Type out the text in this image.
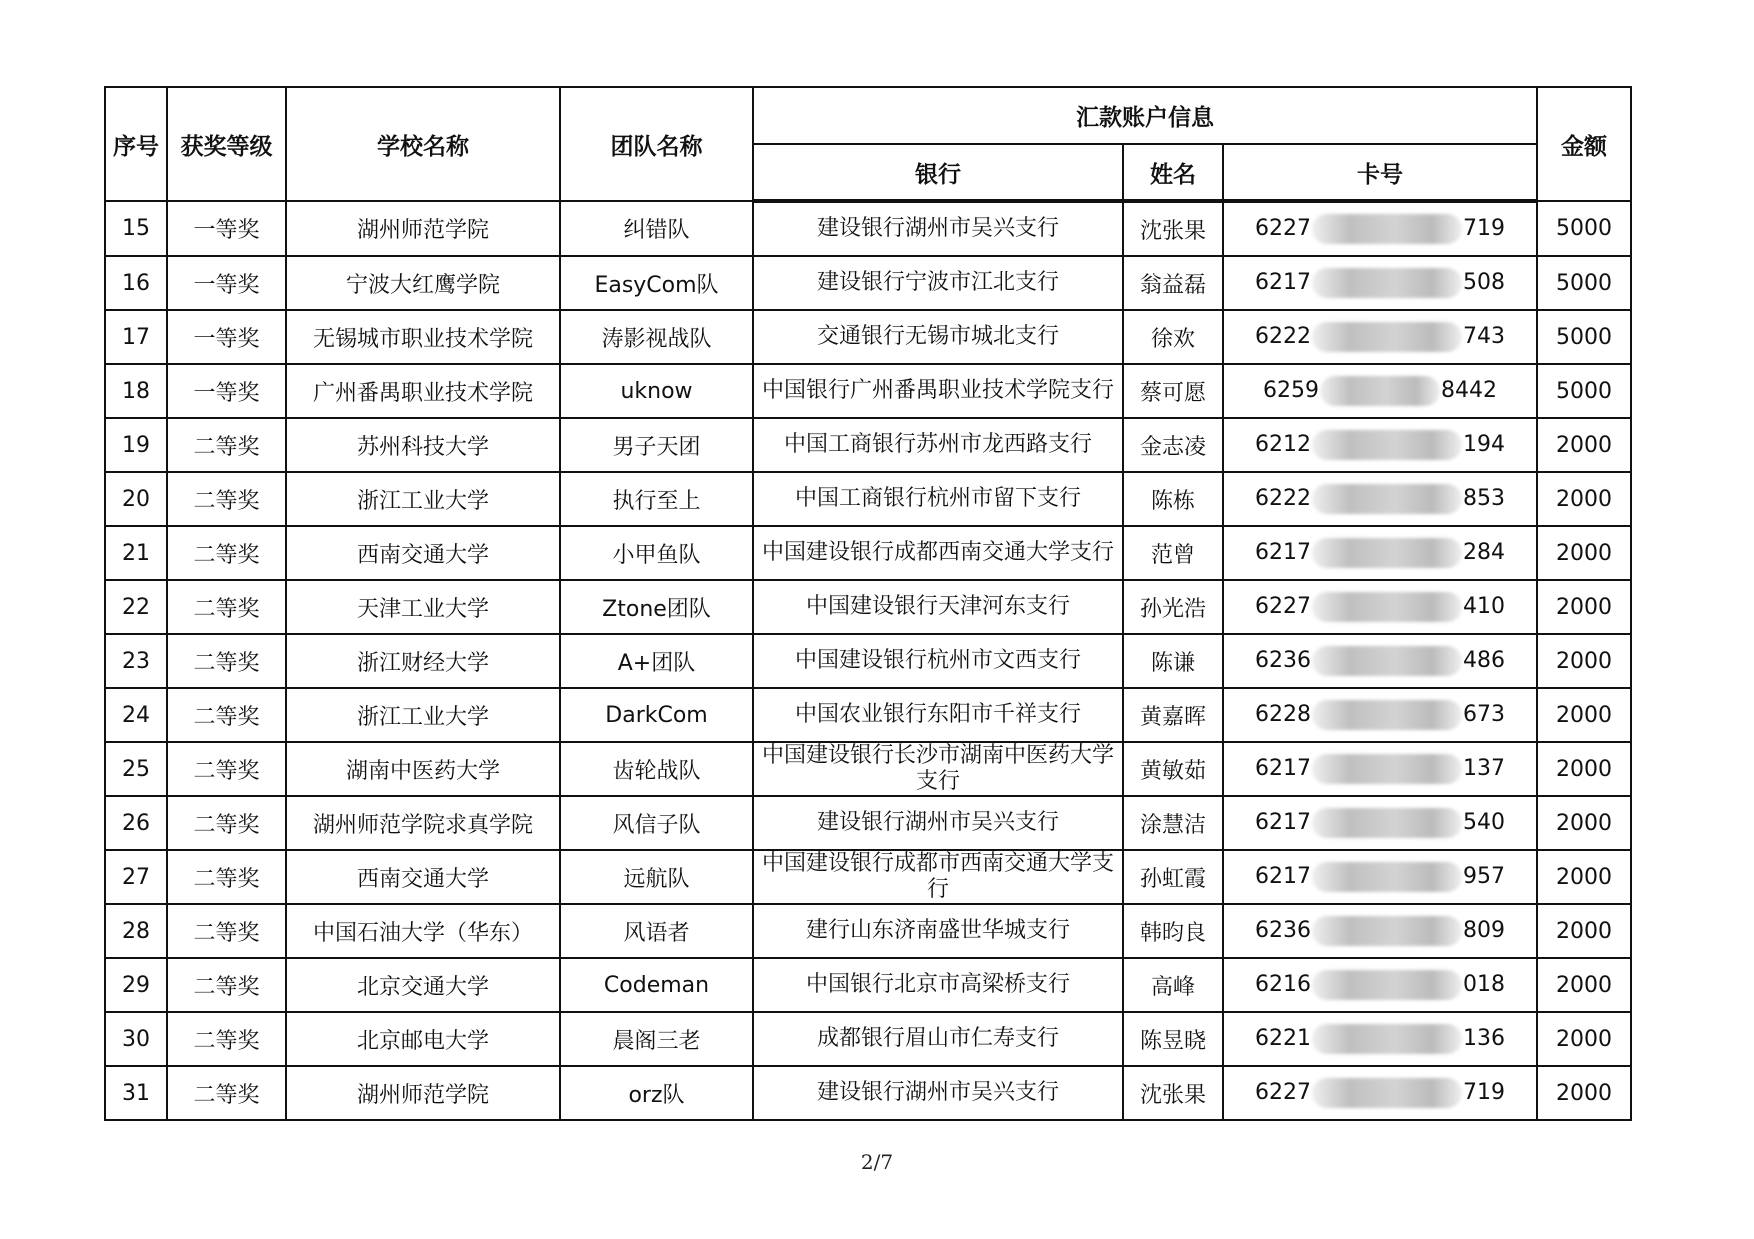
序号	获奖等级	学校名称	团队名称	汇款账户信息			金额
				银行	姓名	卡号	
15	一等奖	湖州师范学院	纠错队	建设银行湖州市吴兴支行	沈张果	6227 719	5000
16	一等奖	宁波大红鹰学院	EasyCom队	建设银行宁波市江北支行	翁益磊	6217 508	5000
17	一等奖	无锡城市职业技术学院	涛影视战队	交通银行无锡市城北支行	徐欢	6222 743	5000
18	一等奖	广州番禺职业技术学院	uknow	中国银行广州番禺职业技术学院支行	蔡可愿	6259 8442	5000
19	二等奖	苏州科技大学	男子天团	中国工商银行苏州市龙西路支行	金志凌	6212 194	2000
20	二等奖	浙江工业大学	执行至上	中国工商银行杭州市留下支行	陈栋	6222 853	2000
21	二等奖	西南交通大学	小甲鱼队	中国建设银行成都西南交通大学支行	范曾	6217 284	2000
22	二等奖	天津工业大学	Ztone团队	中国建设银行天津河东支行	孙光浩	6227 410	2000
23	二等奖	浙江财经大学	A+团队	中国建设银行杭州市文西支行	陈谦	6236 486	2000
24	二等奖	浙江工业大学	DarkCom	中国农业银行东阳市千祥支行	黄嘉晖	6228 673	2000
25	二等奖	湖南中医药大学	齿轮战队	中国建设银行长沙市湖南中医药大学支行	黄敏茹	6217 137	2000
26	二等奖	湖州师范学院求真学院	风信子队	建设银行湖州市吴兴支行	涂慧洁	6217 540	2000
27	二等奖	西南交通大学	远航队	中国建设银行成都市西南交通大学支行	孙虹霞	6217 957	2000
28	二等奖	中国石油大学（华东）	风语者	建行山东济南盛世华城支行	韩昀良	6236 809	2000
29	二等奖	北京交通大学	Codeman	中国银行北京市高梁桥支行	高峰	6216 018	2000
30	二等奖	北京邮电大学	晨阁三老	成都银行眉山市仁寿支行	陈昱晓	6221 136	2000
31	二等奖	湖州师范学院	orz队	建设银行湖州市吴兴支行	沈张果	6227 719	2000
2/7
